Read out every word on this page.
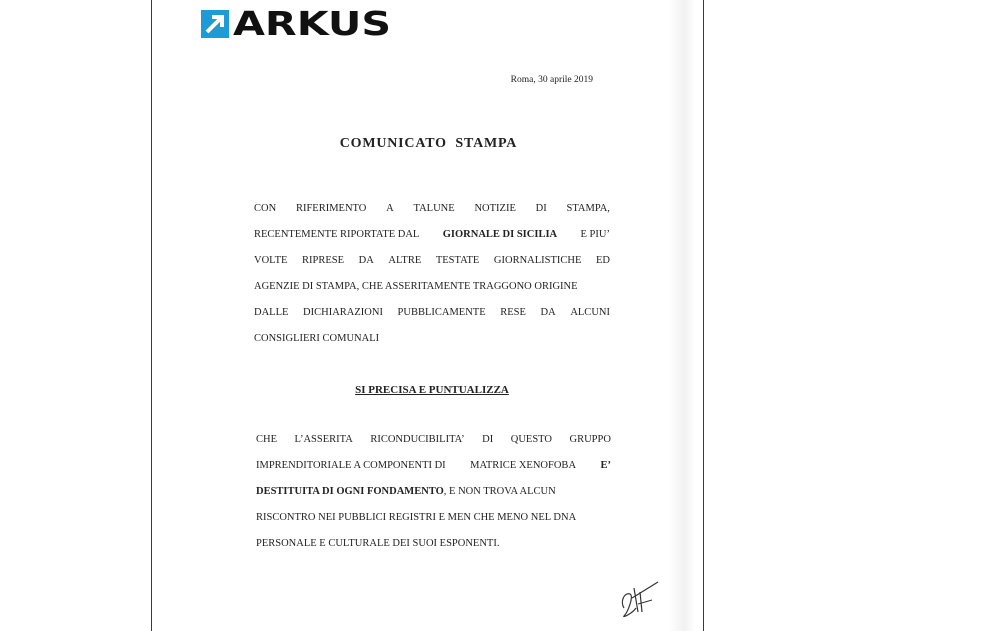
ARKUS
Roma, 30 aprile 2019
COMUNICATO  STAMPA
CON RIFERIMENTO A TALUNE NOTIZIE DI STAMPA,
RECENTEMENTE RIPORTATE DAL GIORNALE DI SICILIA E PIU’
VOLTE RIPRESE DA ALTRE TESTATE GIORNALISTICHE ED
AGENZIE DI STAMPA, CHE ASSERITAMENTE TRAGGONO ORIGINE
DALLE DICHIARAZIONI PUBBLICAMENTE RESE DA ALCUNI
CONSIGLIERI COMUNALI
SI PRECISA E PUNTUALIZZA
CHE L’ASSERITA RICONDUCIBILITA’ DI QUESTO GRUPPO
IMPRENDITORIALE A COMPONENTI DI MATRICE XENOFOBA E’
DESTITUITA DI OGNI FONDAMENTO , E NON TROVA ALCUN
RISCONTRO NEI PUBBLICI REGISTRI E MEN CHE MENO NEL DNA
PERSONALE E CULTURALE DEI SUOI ESPONENTI.
